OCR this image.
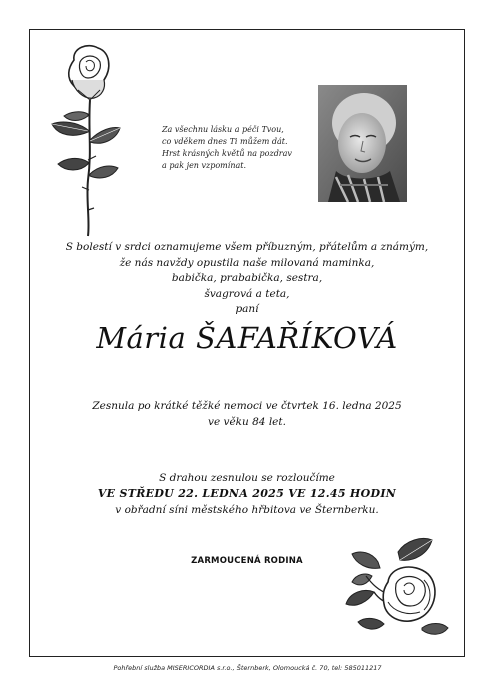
Za všechnu lásku a péči Tvou,
co vděkem dnes Ti můžem dát.
Hrst krásných květů na pozdrav
a pak jen vzpomínat.
S bolestí v srdci oznamujeme všem příbuzným, přátelům a známým,
že nás navždy opustila naše milovaná maminka,
babička, prababička, sestra,
švagrová a teta,
paní
Mária ŠAFAŘÍKOVÁ
Zesnula po krátké těžké nemoci ve čtvrtek 16. ledna 2025
ve věku 84 let.
S drahou zesnulou se rozloučíme
VE STŘEDU 22. LEDNA 2025 VE 12.45 HODIN
v obřadní síni městského hřbitova ve Šternberku.
ZARMOUCENÁ RODINA
Pohřební služba MISERICORDIA s.r.o., Šternberk, Olomoucká č. 70, tel: 585011217
